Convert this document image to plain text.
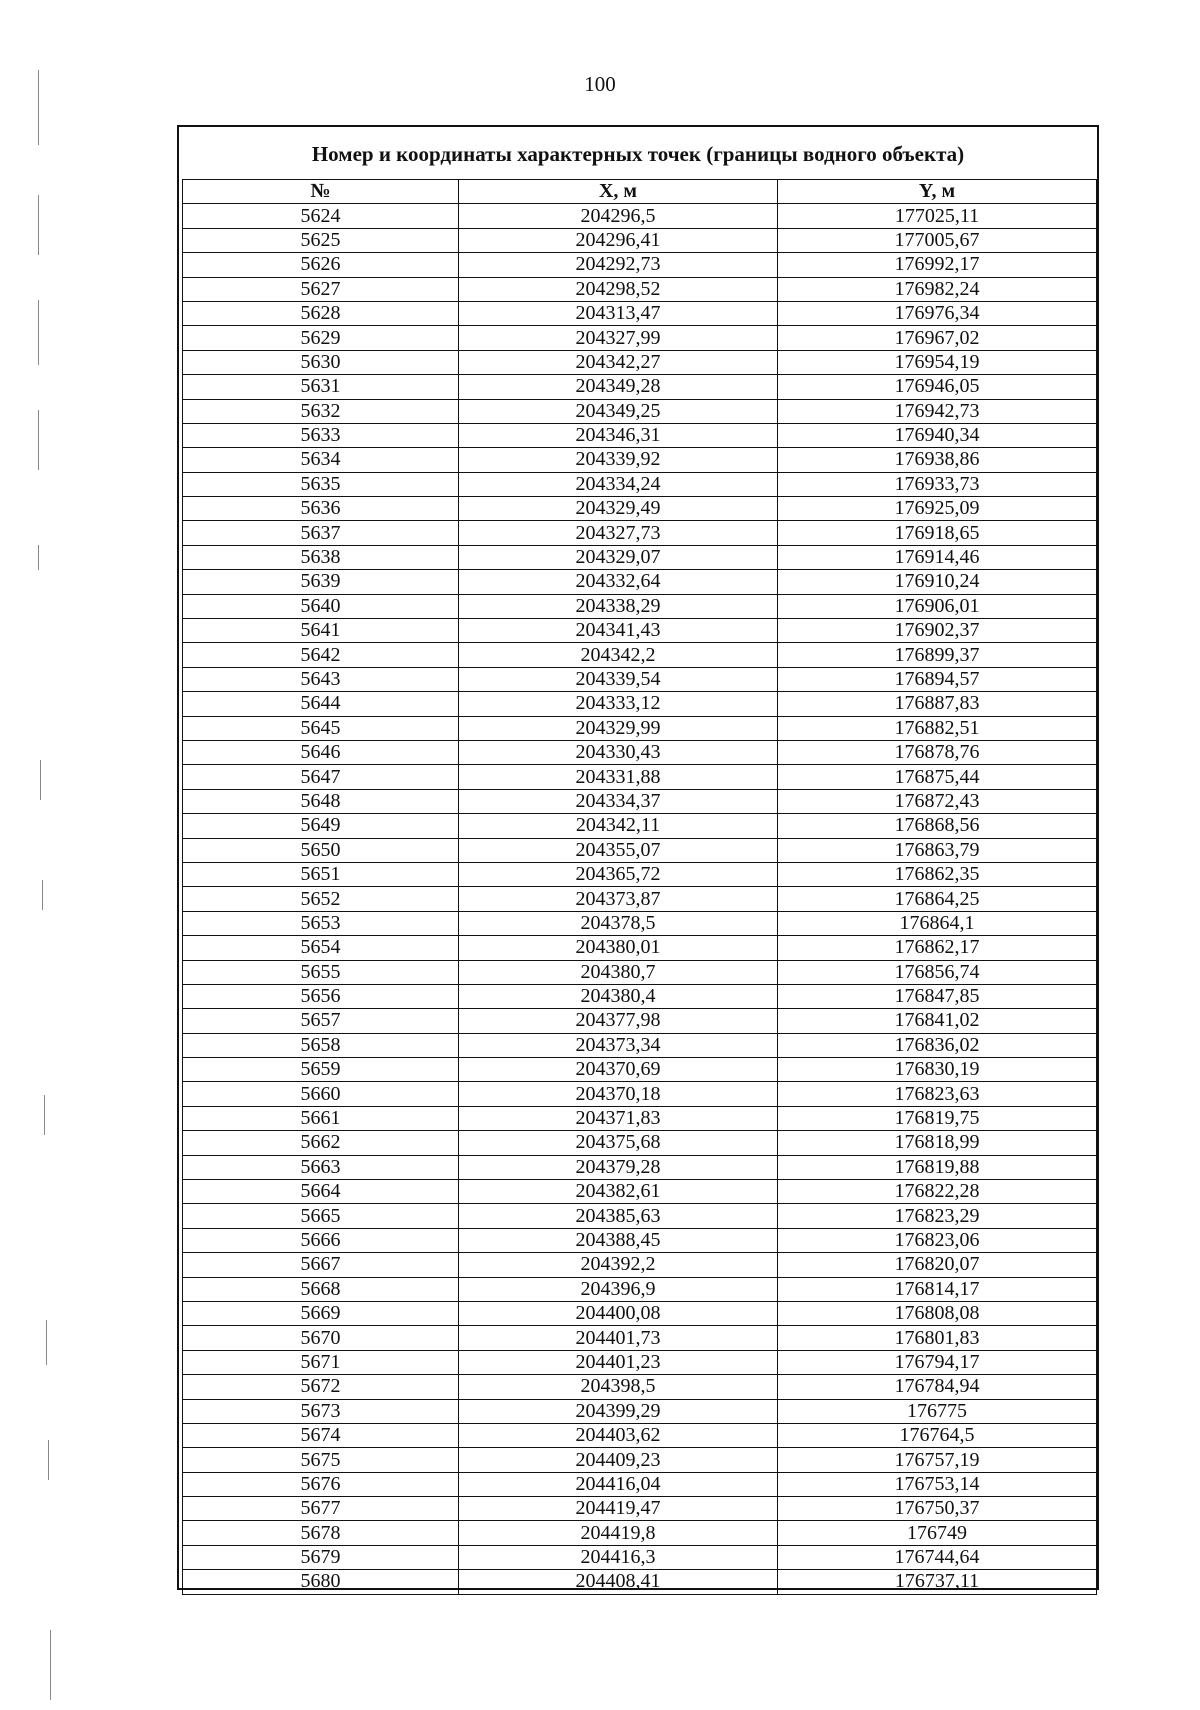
100
Номер и координаты характерных точек (границы водного объекта)
№	X, м	Y, м
5624	204296,5	177025,11
5625	204296,41	177005,67
5626	204292,73	176992,17
5627	204298,52	176982,24
5628	204313,47	176976,34
5629	204327,99	176967,02
5630	204342,27	176954,19
5631	204349,28	176946,05
5632	204349,25	176942,73
5633	204346,31	176940,34
5634	204339,92	176938,86
5635	204334,24	176933,73
5636	204329,49	176925,09
5637	204327,73	176918,65
5638	204329,07	176914,46
5639	204332,64	176910,24
5640	204338,29	176906,01
5641	204341,43	176902,37
5642	204342,2	176899,37
5643	204339,54	176894,57
5644	204333,12	176887,83
5645	204329,99	176882,51
5646	204330,43	176878,76
5647	204331,88	176875,44
5648	204334,37	176872,43
5649	204342,11	176868,56
5650	204355,07	176863,79
5651	204365,72	176862,35
5652	204373,87	176864,25
5653	204378,5	176864,1
5654	204380,01	176862,17
5655	204380,7	176856,74
5656	204380,4	176847,85
5657	204377,98	176841,02
5658	204373,34	176836,02
5659	204370,69	176830,19
5660	204370,18	176823,63
5661	204371,83	176819,75
5662	204375,68	176818,99
5663	204379,28	176819,88
5664	204382,61	176822,28
5665	204385,63	176823,29
5666	204388,45	176823,06
5667	204392,2	176820,07
5668	204396,9	176814,17
5669	204400,08	176808,08
5670	204401,73	176801,83
5671	204401,23	176794,17
5672	204398,5	176784,94
5673	204399,29	176775
5674	204403,62	176764,5
5675	204409,23	176757,19
5676	204416,04	176753,14
5677	204419,47	176750,37
5678	204419,8	176749
5679	204416,3	176744,64
5680	204408,41	176737,11
